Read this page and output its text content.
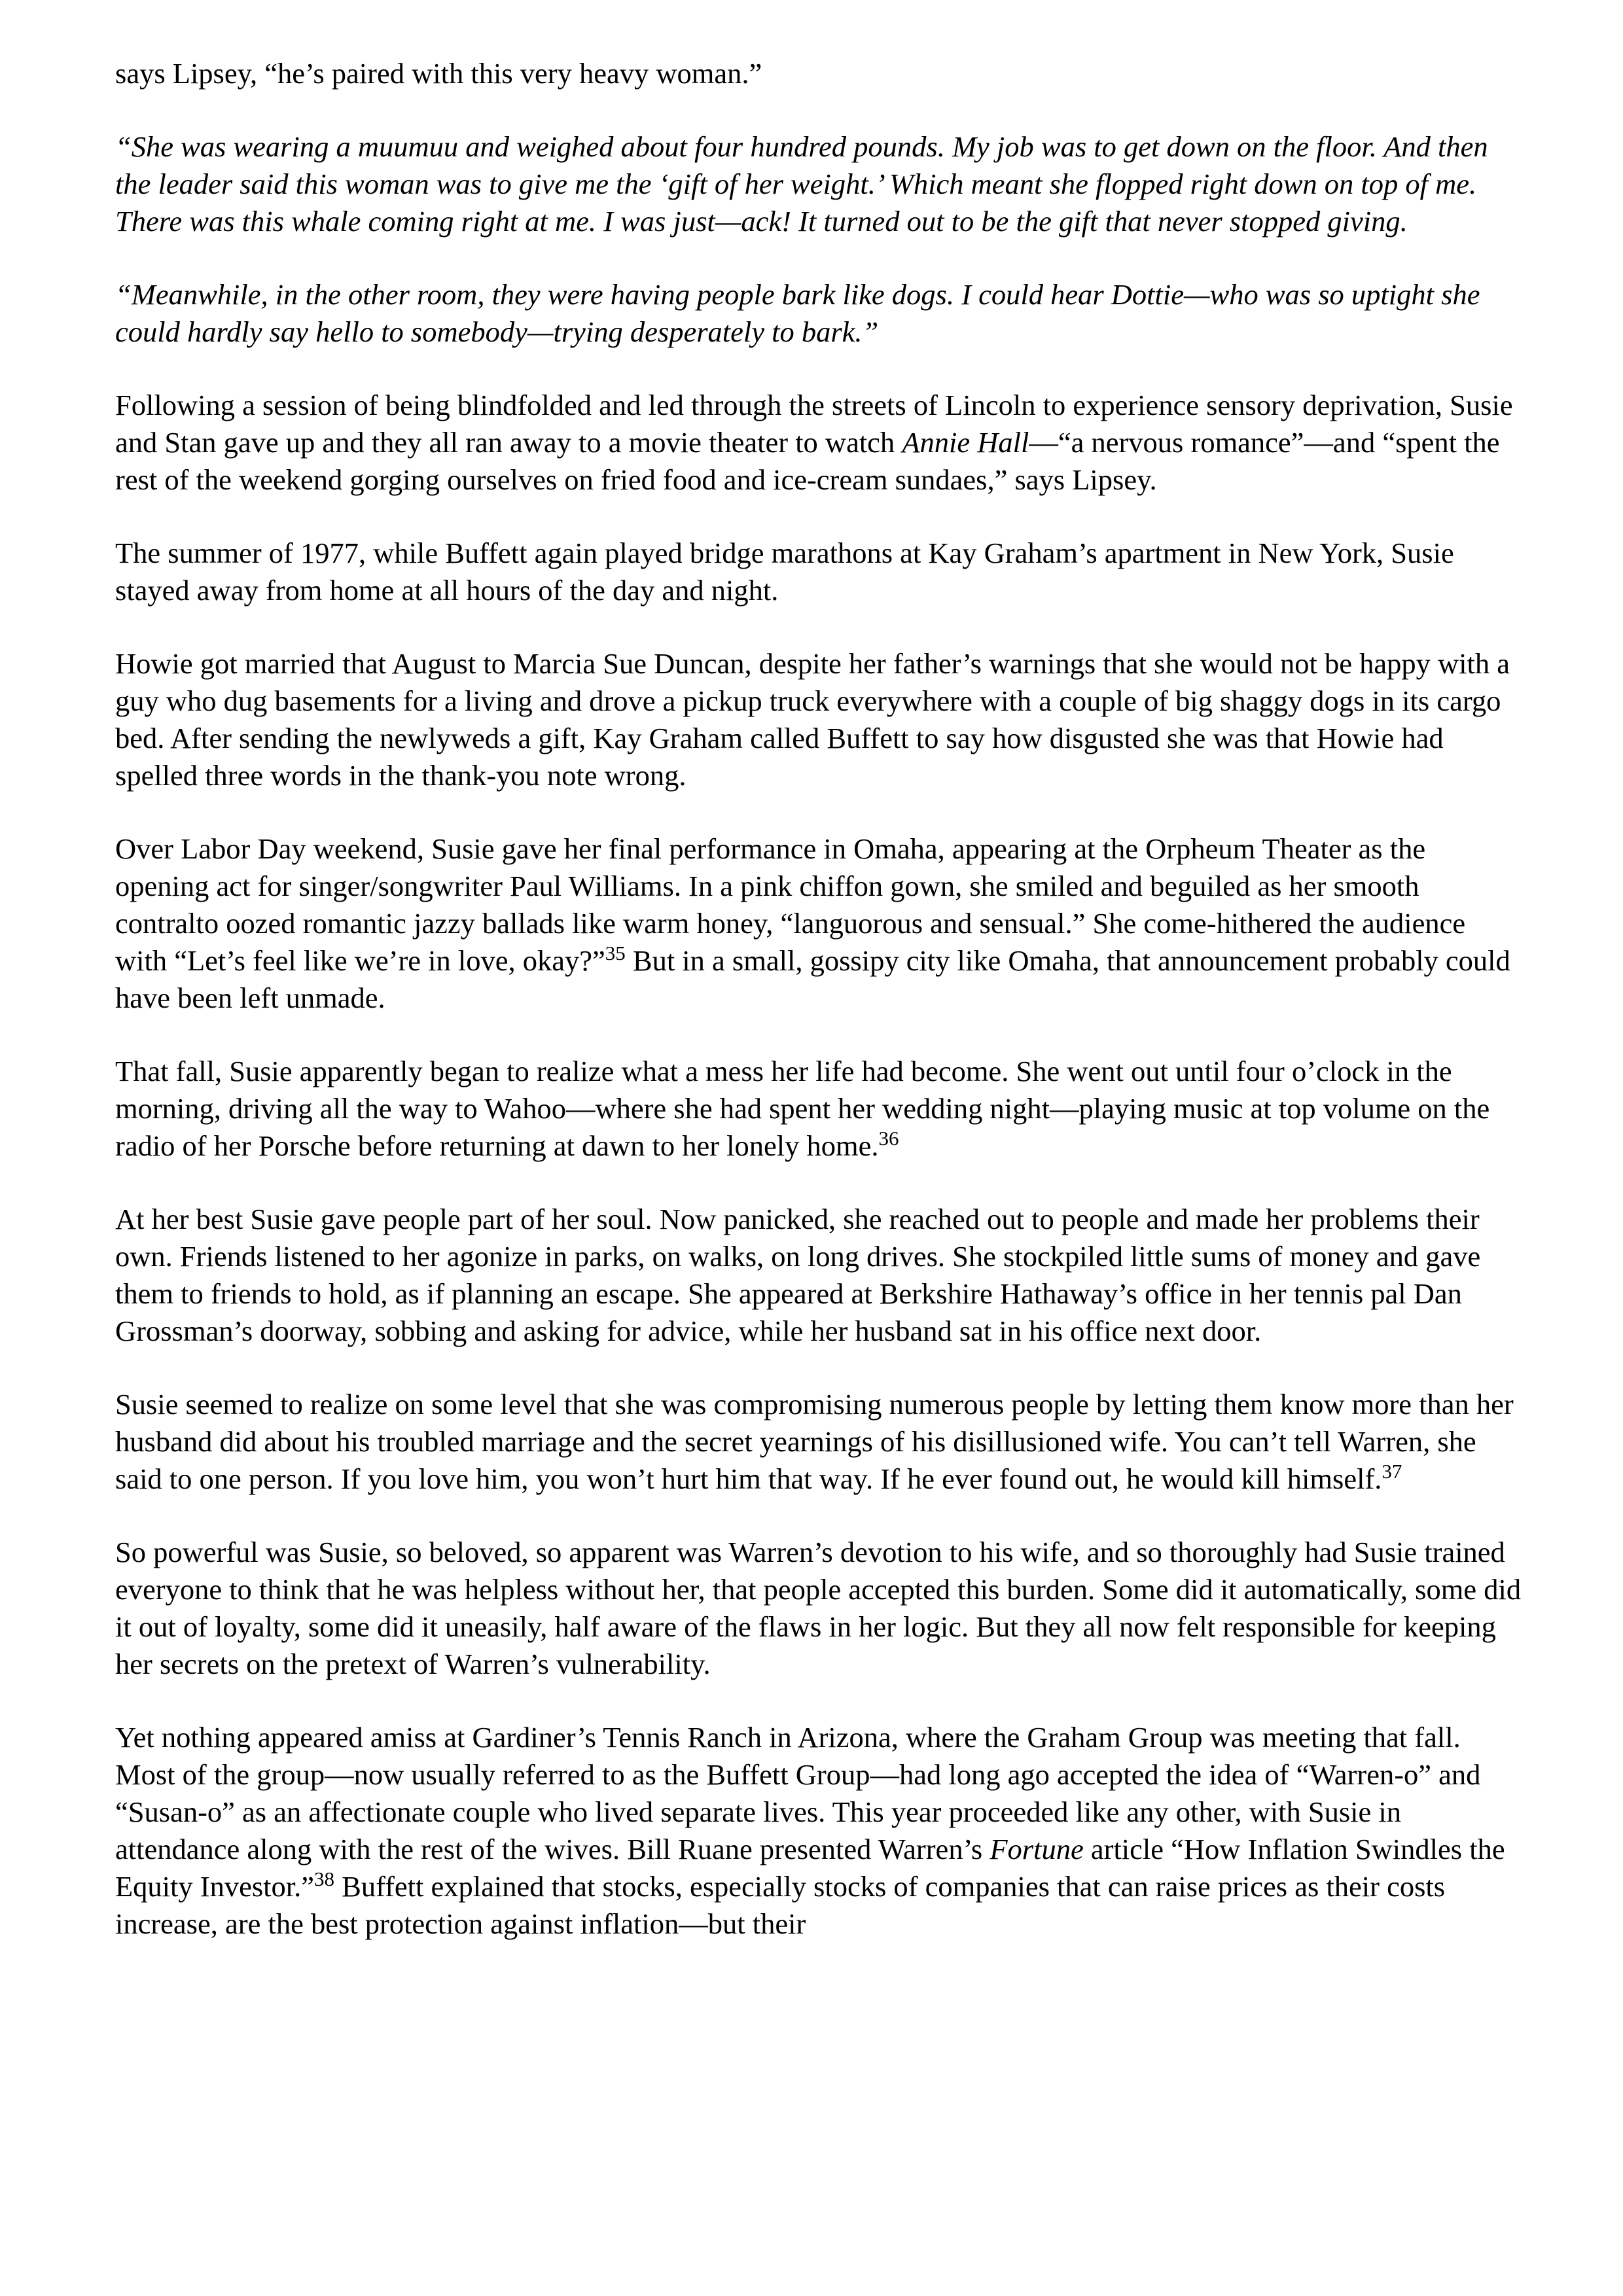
says Lipsey, “he’s paired with this very heavy woman.”

“She was wearing a muumuu and weighed about four hundred pounds. My job was to get down on the floor. And then the leader said this woman was to give me the ‘gift of her weight.’ Which meant she flopped right down on top of me. There was this whale coming right at me. I was just—ack! It turned out to be the gift that never stopped giving.

“Meanwhile, in the other room, they were having people bark like dogs. I could hear Dottie—who was so uptight she could hardly say hello to somebody—trying desperately to bark.”

Following a session of being blindfolded and led through the streets of Lincoln to experience sensory deprivation, Susie and Stan gave up and they all ran away to a movie theater to watch Annie Hall—“a nervous romance”—and “spent the rest of the weekend gorging ourselves on fried food and ice-cream sundaes,” says Lipsey.

The summer of 1977, while Buffett again played bridge marathons at Kay Graham’s apartment in New York, Susie stayed away from home at all hours of the day and night.

Howie got married that August to Marcia Sue Duncan, despite her father’s warnings that she would not be happy with a guy who dug basements for a living and drove a pickup truck everywhere with a couple of big shaggy dogs in its cargo bed. After sending the newlyweds a gift, Kay Graham called Buffett to say how disgusted she was that Howie had spelled three words in the thank-you note wrong.

Over Labor Day weekend, Susie gave her final performance in Omaha, appearing at the Orpheum Theater as the opening act for singer/songwriter Paul Williams. In a pink chiffon gown, she smiled and beguiled as her smooth contralto oozed romantic jazzy ballads like warm honey, “languorous and sensual.” She come-hithered the audience with “Let’s feel like we’re in love, okay?”$^{35}$ But in a small, gossipy city like Omaha, that announcement probably could have been left unmade.

That fall, Susie apparently began to realize what a mess her life had become. She went out until four o’clock in the morning, driving all the way to Wahoo—where she had spent her wedding night—playing music at top volume on the radio of her Porsche before returning at dawn to her lonely home.$^{36}$

At her best Susie gave people part of her soul. Now panicked, she reached out to people and made her problems their own. Friends listened to her agonize in parks, on walks, on long drives. She stockpiled little sums of money and gave them to friends to hold, as if planning an escape. She appeared at Berkshire Hathaway’s office in her tennis pal Dan Grossman’s doorway, sobbing and asking for advice, while her husband sat in his office next door.

Susie seemed to realize on some level that she was compromising numerous people by letting them know more than her husband did about his troubled marriage and the secret yearnings of his disillusioned wife. You can’t tell Warren, she said to one person. If you love him, you won’t hurt him that way. If he ever found out, he would kill himself.$^{37}$

So powerful was Susie, so beloved, so apparent was Warren’s devotion to his wife, and so thoroughly had Susie trained everyone to think that he was helpless without her, that people accepted this burden. Some did it automatically, some did it out of loyalty, some did it uneasily, half aware of the flaws in her logic. But they all now felt responsible for keeping her secrets on the pretext of Warren’s vulnerability.

Yet nothing appeared amiss at Gardiner’s Tennis Ranch in Arizona, where the Graham Group was meeting that fall. Most of the group—now usually referred to as the Buffett Group—had long ago accepted the idea of “Warren-o” and “Susan-o” as an affectionate couple who lived separate lives. This year proceeded like any other, with Susie in attendance along with the rest of the wives. Bill Ruane presented Warren’s Fortune article “How Inflation Swindles the Equity Investor.”$^{38}$ Buffett explained that stocks, especially stocks of companies that can raise prices as their costs increase, are the best protection against inflation—but their
